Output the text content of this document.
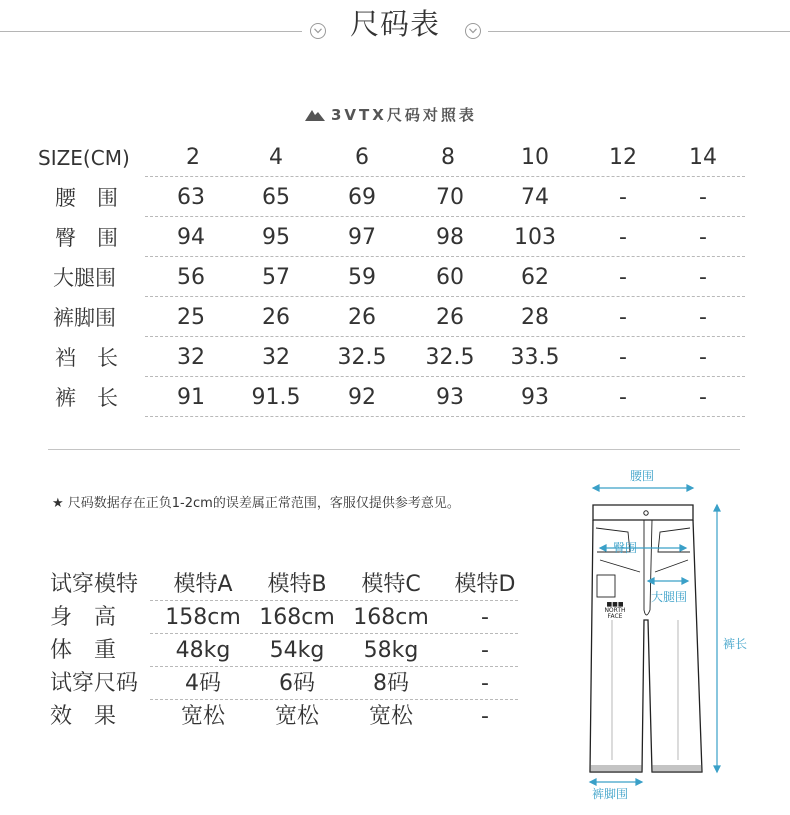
尺码表
3VTX尺码对照表
SIZE(CM)	2	4	6	8	10	12	14
腰　围	63	65	69	70	74	-	-
臀　围	94	95	97	98	103	-	-
大腿围	56	57	59	60	62	-	-
裤脚围	25	26	26	26	28	-	-
裆　长	32	32	32.5	32.5	33.5	-	-
裤　长	91	91.5	92	93	93	-	-
★ 尺码数据存在正负1-2cm的误差属正常范围，客服仅提供参考意见。
试穿模特	模特A	模特B	模特C	模特D
身　高	158cm 168cm 168cm	-
体　重	48kg	54kg	58kg	-
试穿尺码	4码	6码	8码	-
效　果	宽松	宽松	宽松	-
腰围
臀围
大腿围
裤长
裤脚围
■■■
NORTH
FACE
